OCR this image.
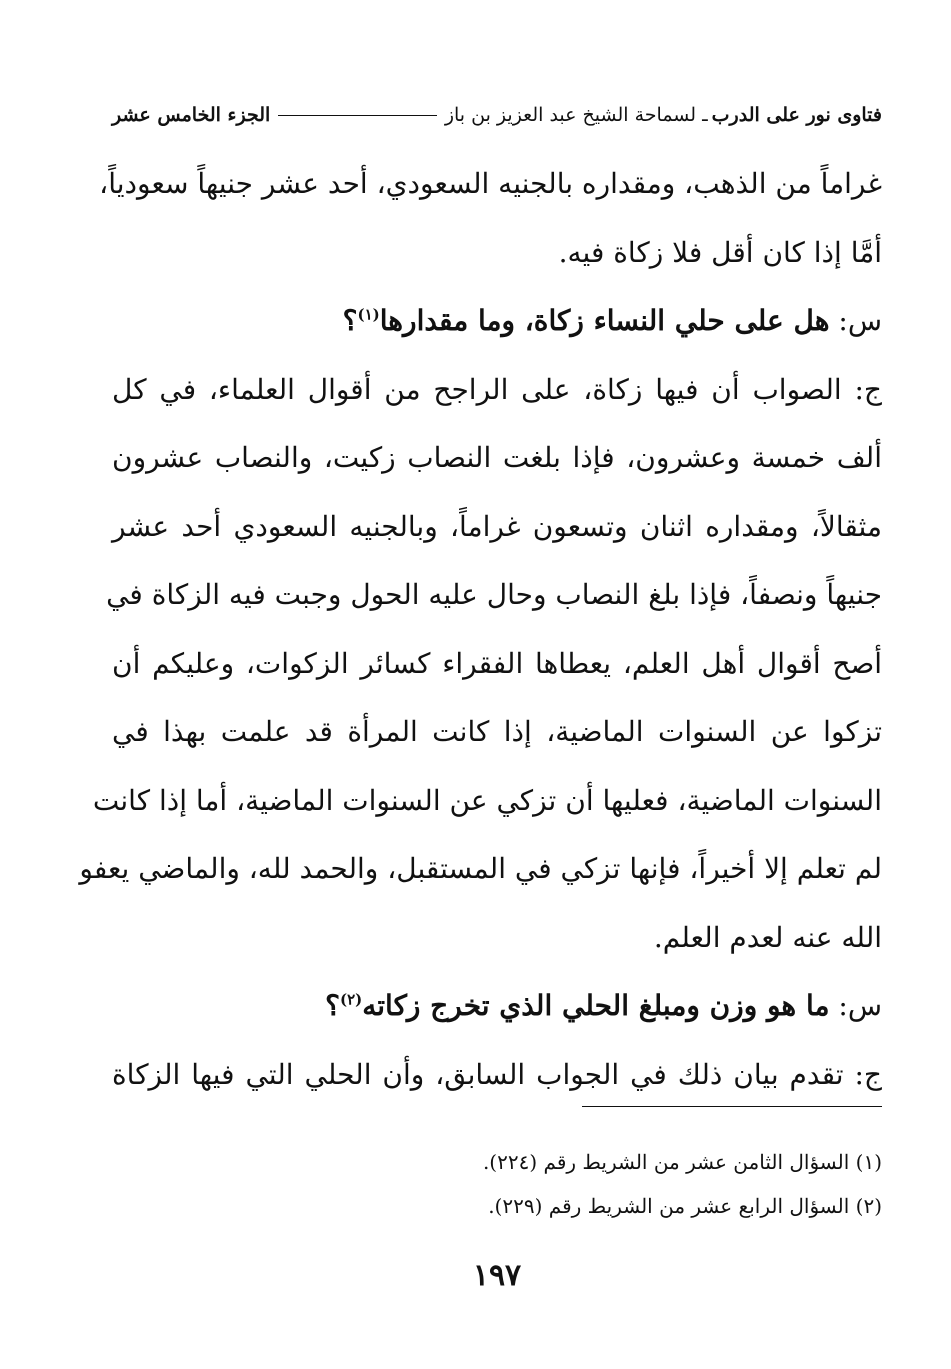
فتاوى نور على الدرب
ـ لسماحة الشيخ عبد العزيز بن باز
الجزء الخامس عشر
غراماً من الذهب، ومقداره بالجنيه السعودي، أحد عشر جنيهاً سعودياً،
أمَّا إذا كان أقل فلا زكاة فيه.
س: هل على حلي النساء زكاة، وما مقدارها$^{(١)}$؟
ج: الصواب أن فيها زكاة، على الراجح من أقوال العلماء، في كل
ألف خمسة وعشرون، فإذا بلغت النصاب زكيت، والنصاب عشرون
مثقالاً، ومقداره اثنان وتسعون غراماً، وبالجنيه السعودي أحد عشر
جنيهاً ونصفاً، فإذا بلغ النصاب وحال عليه الحول وجبت فيه الزكاة في
أصح أقوال أهل العلم، يعطاها الفقراء كسائر الزكوات، وعليكم أن
تزكوا عن السنوات الماضية، إذا كانت المرأة قد علمت بهذا في
السنوات الماضية، فعليها أن تزكي عن السنوات الماضية، أما إذا كانت
لم تعلم إلا أخيراً، فإنها تزكي في المستقبل، والحمد لله، والماضي يعفو
الله عنه لعدم العلم.
س: ما هو وزن ومبلغ الحلي الذي تخرج زكاته$^{(٢)}$؟
ج: تقدم بيان ذلك في الجواب السابق، وأن الحلي التي فيها الزكاة
(١) السؤال الثامن عشر من الشريط رقم (٢٢٤).
(٢) السؤال الرابع عشر من الشريط رقم (٢٢٩).
١٩٧
